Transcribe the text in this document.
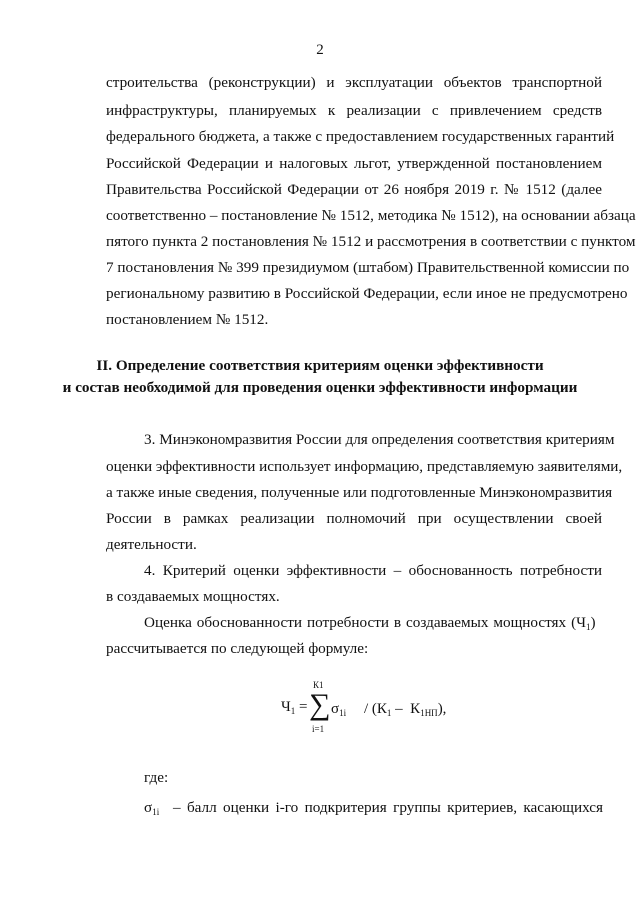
2
строительства (реконструкции) и эксплуатации объектов транспортной
инфраструктуры, планируемых к реализации с привлечением средств
федерального бюджета, а также с предоставлением государственных гарантий
Российской Федерации и налоговых льгот, утвержденной постановлением
Правительства Российской Федерации от 26 ноября 2019 г. № 1512 (далее
соответственно – постановление № 1512, методика № 1512), на основании абзаца
пятого пункта 2 постановления № 1512 и рассмотрения в соответствии с пунктом
7 постановления № 399 президиумом (штабом) Правительственной комиссии по
региональному развитию в Российской Федерации, если иное не предусмотрено
постановлением № 1512.
II. Определение соответствия критериям оценки эффективности
и состав необходимой для проведения оценки эффективности информации
3. Минэкономразвития России для определения соответствия критериям
оценки эффективности использует информацию, представляемую заявителями,
а также иные сведения, полученные или подготовленные Минэкономразвития
России в рамках реализации полномочий при осуществлении своей
деятельности.
4. Критерий оценки эффективности – обоснованность потребности
в создаваемых мощностях.
Оценка обоснованности потребности в создаваемых мощностях (Ч $_1$)
рассчитывается по следующей формуле:
$Ч_1$ =
К1
∑
i=1
$\sigma_{1i} / (К_1 - К_{1НП})$,
где:
$\sigma_{1i}$ – балл оценки i-го подкритерия группы критериев, касающихся
